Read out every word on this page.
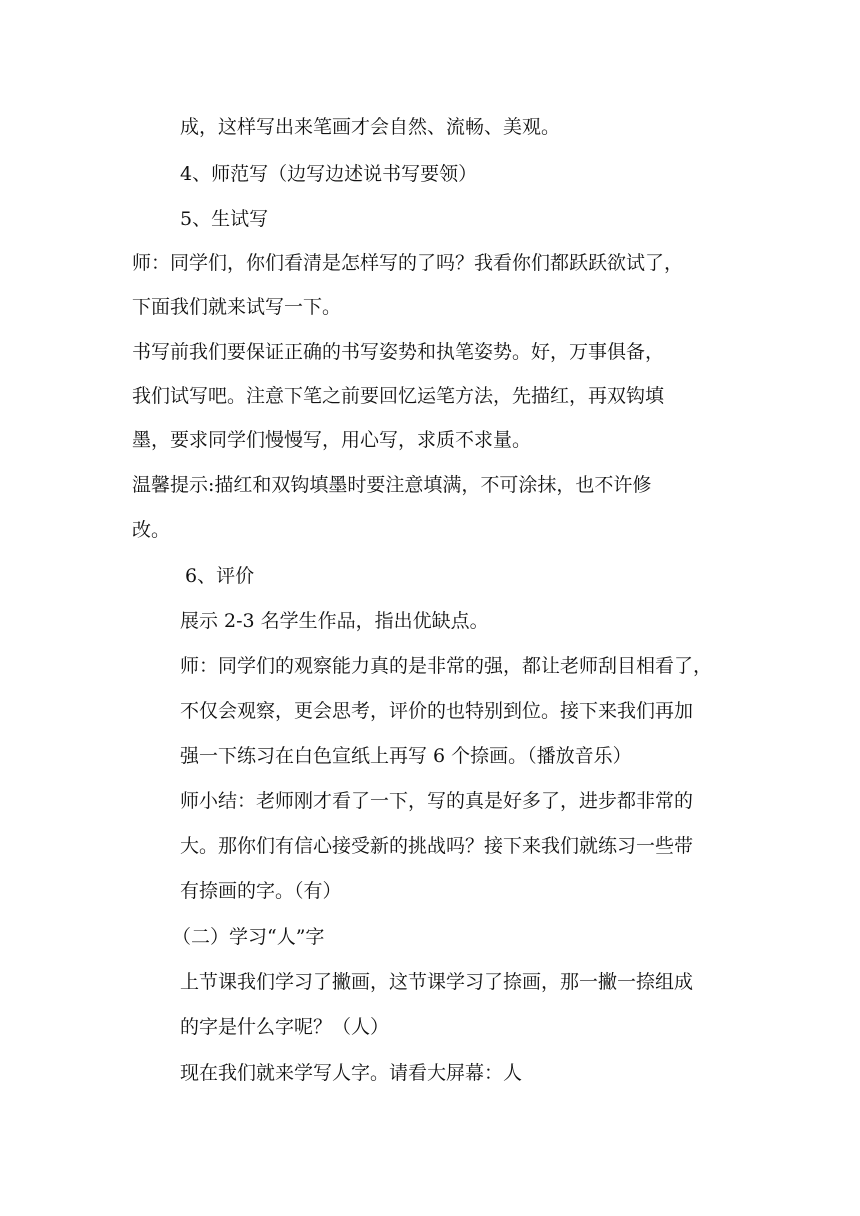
成，这样写出来笔画才会自然、流畅、美观。
4、师范写（边写边述说书写要领）
5、生试写
师：同学们，你们看清是怎样写的了吗？我看你们都跃跃欲试了，
下面我们就来试写一下。
书写前我们要保证正确的书写姿势和执笔姿势。好，万事俱备，
我们试写吧。注意下笔之前要回忆运笔方法，先描红，再双钩填
墨，要求同学们慢慢写，用心写，求质不求量。
温馨提示:描红和双钩填墨时要注意填满，不可涂抹，也不许修
改。
6、评价
展示 2-3 名学生作品，指出优缺点。
师：同学们的观察能力真的是非常的强，都让老师刮目相看了，
不仅会观察，更会思考，评价的也特别到位。接下来我们再加
强一下练习在白色宣纸上再写 6 个捺画。（播放音乐）
师小结：老师刚才看了一下，写的真是好多了，进步都非常的
大。那你们有信心接受新的挑战吗？接下来我们就练习一些带
有捺画的字。（有）
（二）学习“人”字
上节课我们学习了撇画，这节课学习了捺画，那一撇一捺组成
的字是什么字呢？（人）
现在我们就来学写人字。请看大屏幕：人
